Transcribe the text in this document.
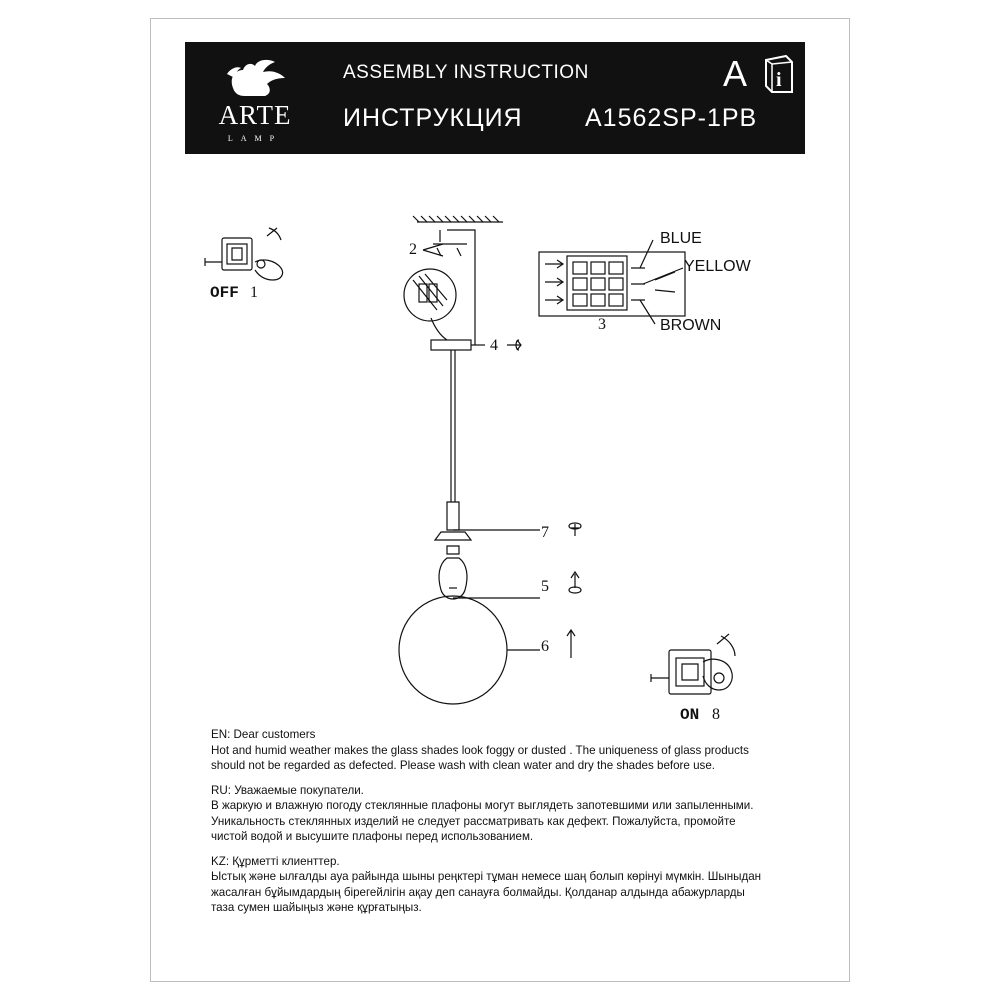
ARTE
LAMP
ASSEMBLY INSTRUCTION
ИНСТРУКЦИЯ A1562SP-1PB
A i
OFF 1
2
3
4
5
6
7
ON 8
BLUE
YELLOW
BROWN

EN: Dear customers

Hot and humid weather makes the glass shades look foggy or dusted . The uniqueness of glass products

should not be regarded as defected. Please wash with clean water and dry the shades before use.

RU: Уважаемые покупатели.

В жаркую и влажную погоду стеклянные плафоны могут выглядеть запотевшими или запыленными.

Уникальность стеклянных изделий не следует рассматривать как дефект. Пожалуйста, промойте

чистой водой и высушите плафоны перед использованием.

KZ: Құрметті клиенттер.

Ыстық және ылғалды ауа райында шыны реңктері тұман немесе шаң болып көрінуі мүмкін. Шыныдан

жасалған бұйымдардың бірегейлігін ақау деп санауға болмайды. Қолданар алдында абажурларды

таза сумен шайыңыз және құрғатыңыз.
